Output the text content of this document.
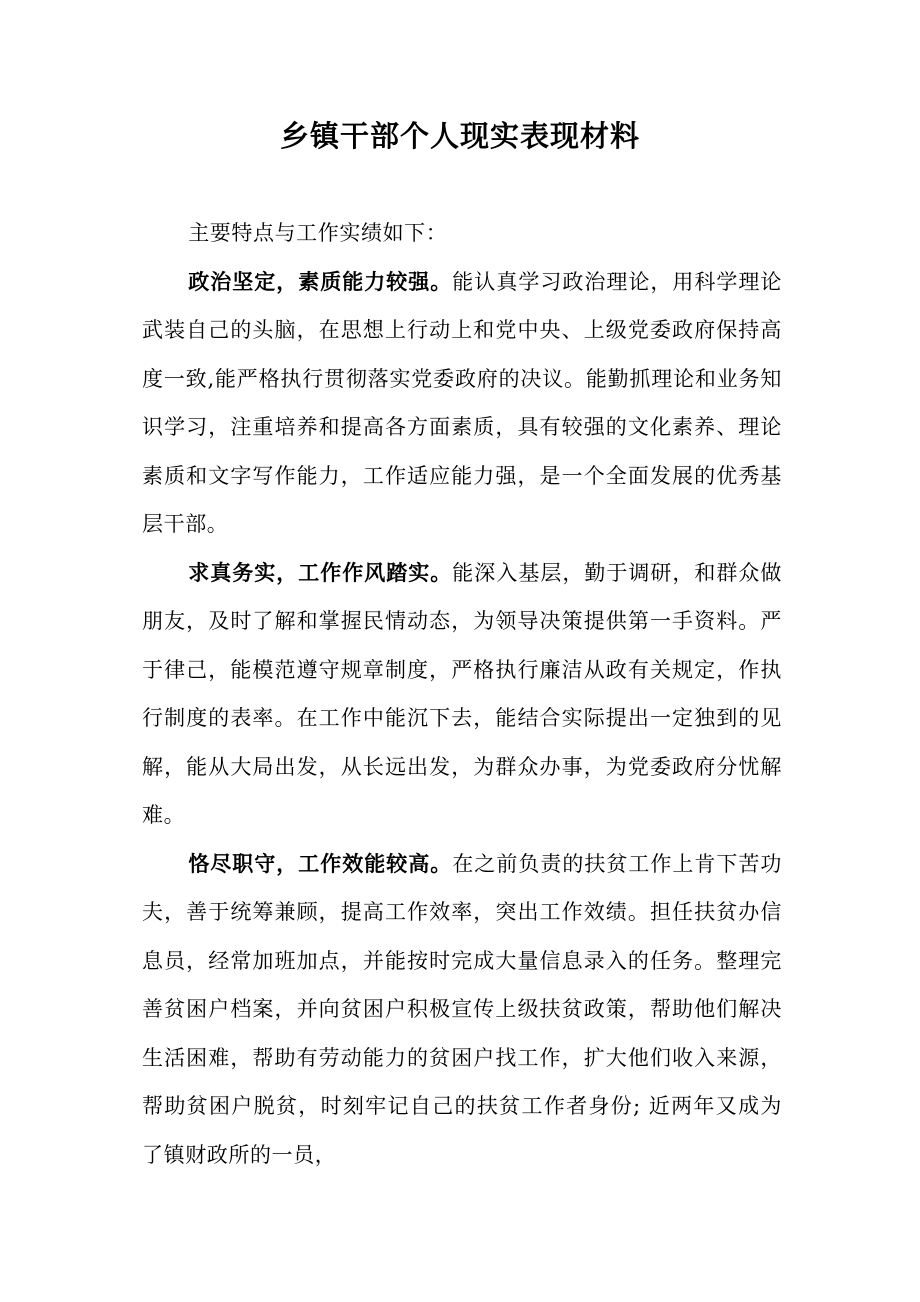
乡镇干部个人现实表现材料

主要特点与工作实绩如下：

政治坚定，素质能力较强。能认真学习政治理论，用科学理论武装自己的头脑，在思想上行动上和党中央、上级党委政府保持高度一致,能严格执行贯彻落实党委政府的决议。能勤抓理论和业务知识学习，注重培养和提高各方面素质，具有较强的文化素养、理论素质和文字写作能力，工作适应能力强，是一个全面发展的优秀基层干部。

求真务实，工作作风踏实。能深入基层，勤于调研，和群众做朋友，及时了解和掌握民情动态，为领导决策提供第一手资料。严于律己，能模范遵守规章制度，严格执行廉洁从政有关规定，作执行制度的表率。在工作中能沉下去，能结合实际提出一定独到的见解，能从大局出发，从长远出发，为群众办事，为党委政府分忧解难。

恪尽职守，工作效能较高。在之前负责的扶贫工作上肯下苦功夫，善于统筹兼顾，提高工作效率，突出工作效绩。担任扶贫办信息员，经常加班加点，并能按时完成大量信息录入的任务。整理完善贫困户档案，并向贫困户积极宣传上级扶贫政策，帮助他们解决生活困难，帮助有劳动能力的贫困户找工作，扩大他们收入来源，帮助贫困户脱贫，时刻牢记自己的扶贫工作者身份; 近两年又成为了镇财政所的一员，
